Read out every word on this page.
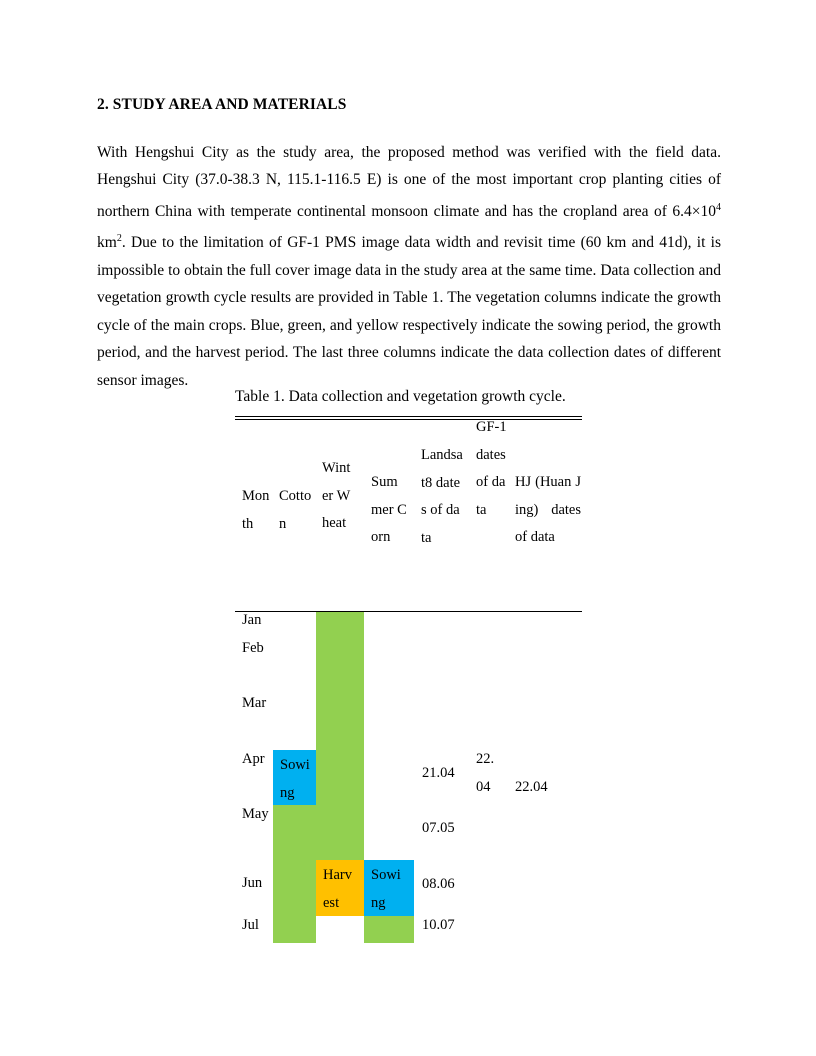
2. STUDY AREA AND MATERIALS

With Hengshui City as the study area, the proposed method was verified with the field data. Hengshui City (37.0-38.3 N, 115.1-116.5 E) is one of the most important crop planting cities of northern China with temperate continental monsoon climate and has the cropland area of $6.4\times 10^4$ $km^2$. Due to the limitation of GF-1 PMS image data width and revisit time (60 km and 41d), it is impossible to obtain the full cover image data in the study area at the same time. Data collection and vegetation growth cycle results are provided in Table 1. The vegetation columns indicate the growth cycle of the main crops. Blue, green, and yellow respectively indicate the sowing period, the growth period, and the harvest period. The last three columns indicate the data collection dates of different sensor images.

Table 1. Data collection and vegetation growth cycle.
Month
Cotton
Winter Wheat
Summer Corn
Landsat8 dates of data
GF-1 dates of data
HJ (Huan Jing) dates of data
Jan
Feb
Mar
Apr
May
Jun
Jul
Sowing
Harvest
Sowing
21.04
07.05
08.06
10.07
22.04	22.04
